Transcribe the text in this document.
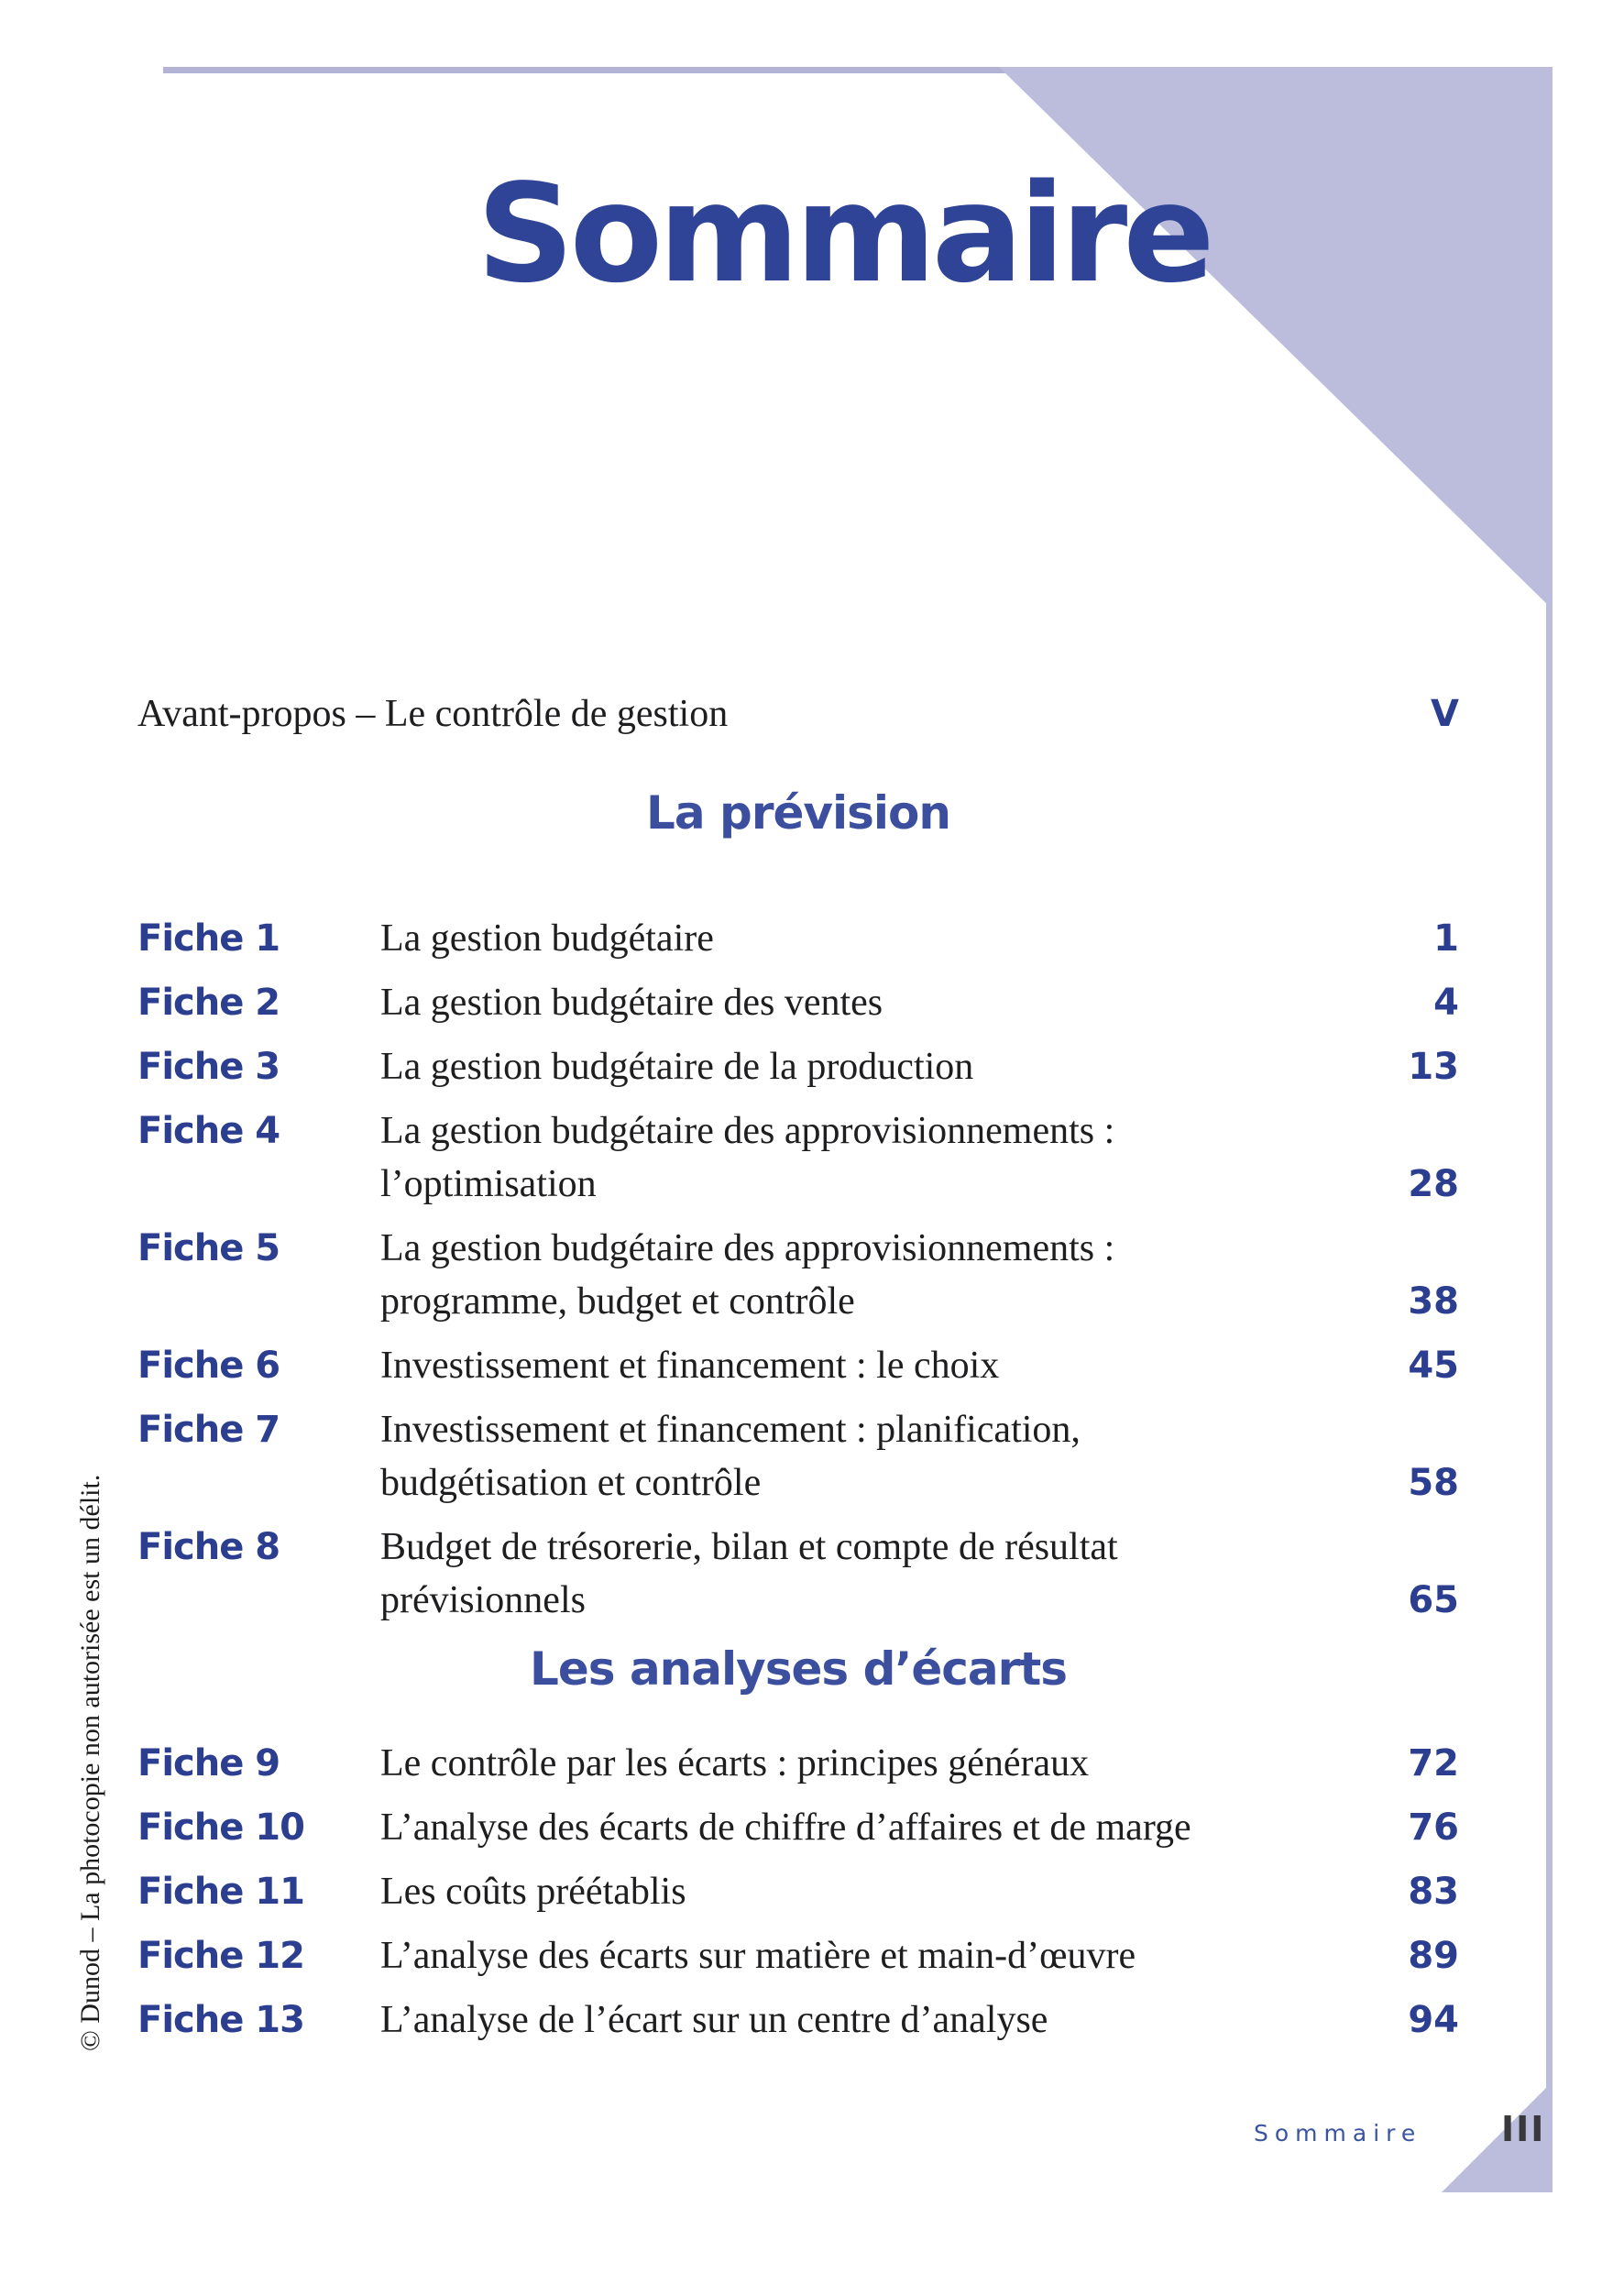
Sommaire
Avant-propos – Le contrôle de gestion	V
La prévision
Fiche 1	La gestion budgétaire	1
Fiche 2	La gestion budgétaire des ventes	4
Fiche 3	La gestion budgétaire de la production	13
Fiche 4	La gestion budgétaire des approvisionnements :
l’optimisation	28
Fiche 5	La gestion budgétaire des approvisionnements :
programme, budget et contrôle	38
Fiche 6	Investissement et financement : le choix	45
Fiche 7	Investissement et financement : planification,
budgétisation et contrôle	58
Fiche 8	Budget de trésorerie, bilan et compte de résultat
prévisionnels	65
Les analyses d’écarts
Fiche 9	Le contrôle par les écarts : principes généraux	72
Fiche 10	L’analyse des écarts de chiffre d’affaires et de marge	76
Fiche 11	Les coûts préétablis	83
Fiche 12	L’analyse des écarts sur matière et main-d’œuvre	89
Fiche 13	L’analyse de l’écart sur un centre d’analyse	94
© Dunod – La photocopie non autorisée est un délit.
Sommaire III
